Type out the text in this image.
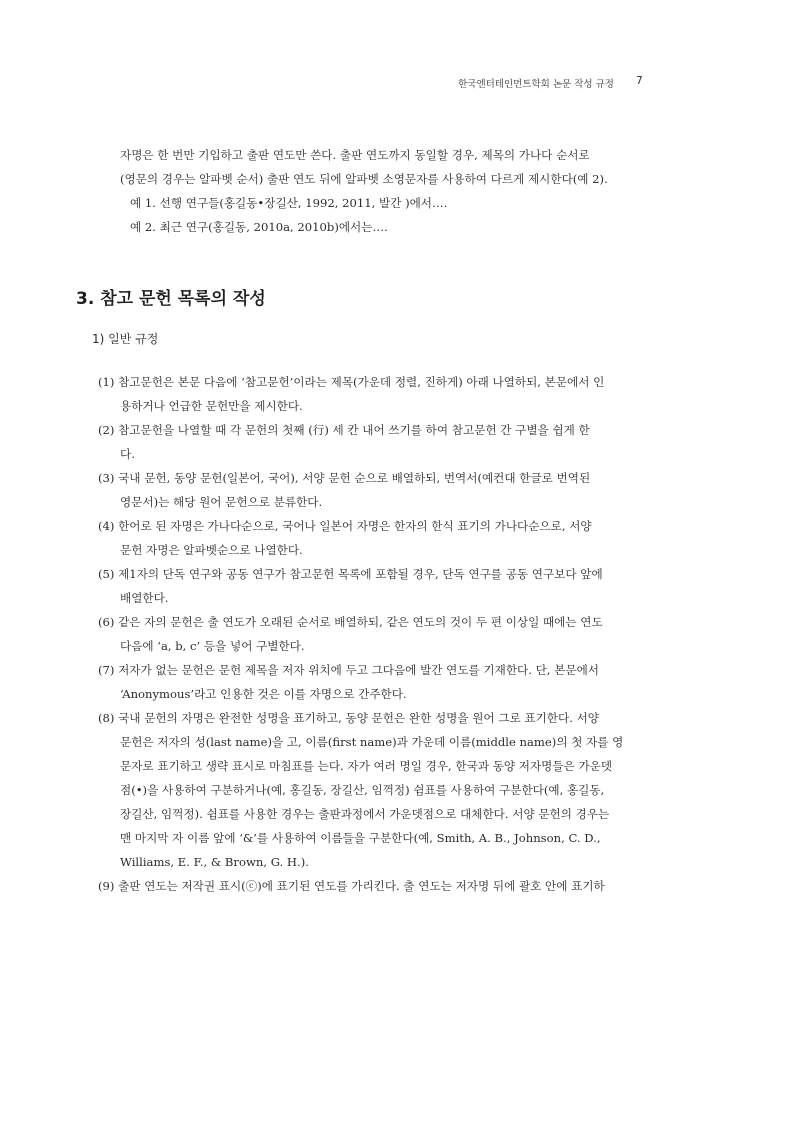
한국엔터테인먼트학회 논문 작성 규정 7
자명은 한 번만 기입하고 출판 연도만 쓴다. 출판 연도까지 동일할 경우, 제목의 가나다 순서로
(영문의 경우는 알파벳 순서) 출판 연도 뒤에 알파벳 소영문자를 사용하여 다르게 제시한다(예 2).
예 1. 선행 연구들(홍길동•장길산, 1992, 2011, 발간 )에서….
예 2. 최근 연구(홍길동, 2010a, 2010b)에서는….
3. 참고 문헌 목록의 작성
1) 일반 규정
(1) 참고문헌은 본문 다음에 ‘참고문헌’이라는 제목(가운데 정렬, 진하게) 아래 나열하되, 본문에서 인
용하거나 언급한 문헌만을 제시한다.
(2) 참고문헌을 나열할 때 각 문헌의 첫째 (行) 세 칸 내어 쓰기를 하여 참고문헌 간 구별을 쉽게 한
다.
(3) 국내 문헌, 동양 문헌(일본어, 국어), 서양 문헌 순으로 배열하되, 번역서(예컨대 한글로 번역된
영문서)는 해당 원어 문헌으로 분류한다.
(4) 한어로 된 자명은 가나다순으로, 국어나 일본어 자명은 한자의 한식 표기의 가나다순으로, 서양
문헌 자명은 알파벳순으로 나열한다.
(5) 제1자의 단독 연구와 공동 연구가 참고문헌 목록에 포함될 경우, 단독 연구를 공동 연구보다 앞에
배열한다.
(6) 같은 자의 문헌은 출 연도가 오래된 순서로 배열하되, 같은 연도의 것이 두 편 이상일 때에는 연도
다음에 ‘a, b, c’ 등을 넣어 구별한다.
(7) 저자가 없는 문헌은 문헌 제목을 저자 위치에 두고 그다음에 발간 연도를 기재한다. 단, 본문에서
‘Anonymous’라고 인용한 것은 이를 자명으로 간주한다.
(8) 국내 문헌의 자명은 완전한 성명을 표기하고, 동양 문헌은 완한 성명을 원어 그로 표기한다. 서양
문헌은 저자의 성(last name)을 고, 이름(first name)과 가운데 이름(middle name)의 첫 자를 영
문자로 표기하고 생략 표시로 마침표를 는다. 자가 여러 명일 경우, 한국과 동양 저자명들은 가운뎃
점(•)을 사용하여 구분하거나(예, 홍길동, 장길산, 임꺽정) 쉼표를 사용하여 구분한다(예, 홍길동,
장길산, 임꺽정). 쉼표를 사용한 경우는 출판과정에서 가운뎃점으로 대체한다. 서양 문헌의 경우는
맨 마지막 자 이름 앞에 ‘&’를 사용하여 이름들을 구분한다(예, Smith, A. B., Johnson, C. D.,
Williams, E. F., & Brown, G. H.).
(9) 출판 연도는 저작권 표시(ⓒ)에 표기된 연도를 가리킨다. 출 연도는 저자명 뒤에 괄호 안에 표기하
